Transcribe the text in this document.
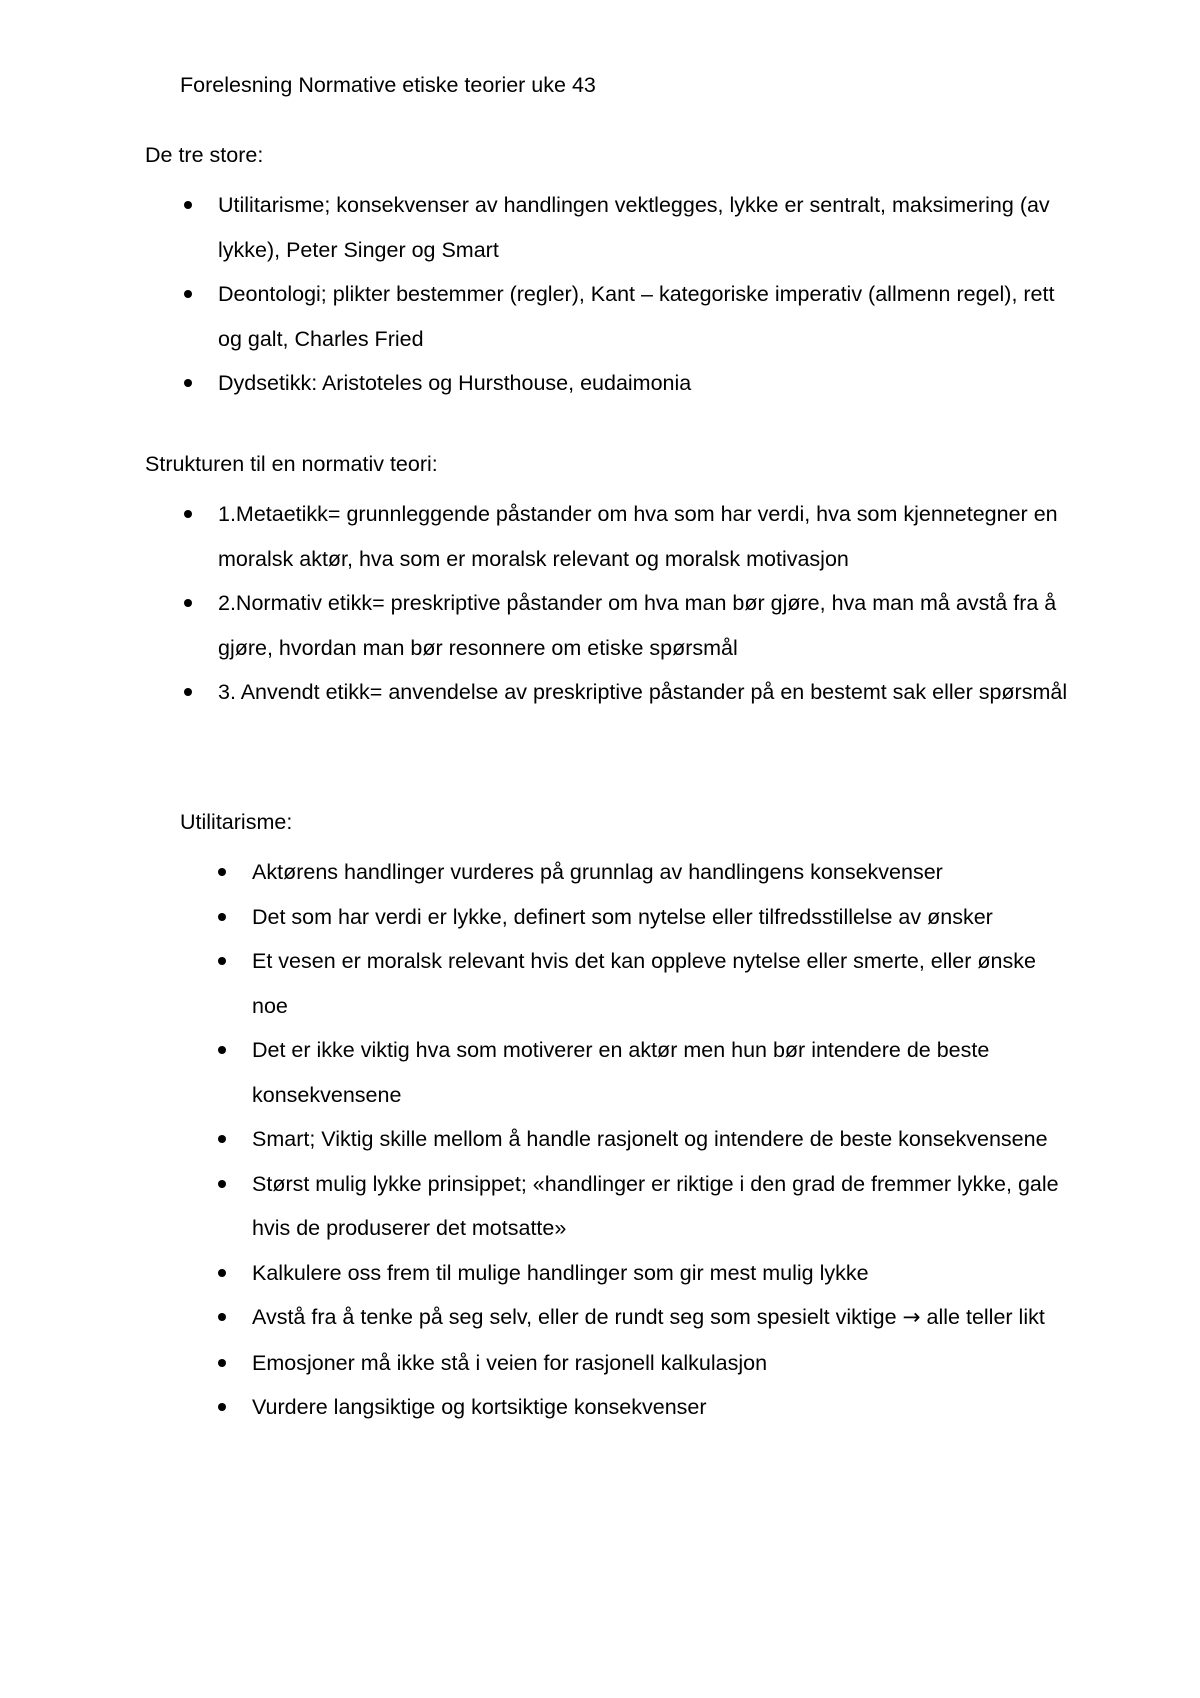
Forelesning Normative etiske teorier uke 43
De tre store:
Utilitarisme; konsekvenser av handlingen vektlegges, lykke er sentralt, maksimering (av lykke), Peter Singer og Smart
Deontologi; plikter bestemmer (regler), Kant – kategoriske imperativ (allmenn regel), rett og galt, Charles Fried
Dydsetikk: Aristoteles og Hursthouse, eudaimonia
Strukturen til en normativ teori:
1.Metaetikk= grunnleggende påstander om hva som har verdi, hva som kjennetegner en moralsk aktør, hva som er moralsk relevant og moralsk motivasjon
2.Normativ etikk= preskriptive påstander om hva man bør gjøre, hva man må avstå fra å gjøre, hvordan man bør resonnere om etiske spørsmål
3. Anvendt etikk= anvendelse av preskriptive påstander på en bestemt sak eller spørsmål
Utilitarisme:
Aktørens handlinger vurderes på grunnlag av handlingens konsekvenser
Det som har verdi er lykke, definert som nytelse eller tilfredsstillelse av ønsker
Et vesen er moralsk relevant hvis det kan oppleve nytelse eller smerte, eller ønske noe
Det er ikke viktig hva som motiverer en aktør men hun bør intendere de beste konsekvensene
Smart; Viktig skille mellom å handle rasjonelt og intendere de beste konsekvensene
Størst mulig lykke prinsippet; «handlinger er riktige i den grad de fremmer lykke, gale hvis de produserer det motsatte»
Kalkulere oss frem til mulige handlinger som gir mest mulig lykke
Avstå fra å tenke på seg selv, eller de rundt seg som spesielt viktige → alle teller likt
Emosjoner må ikke stå i veien for rasjonell kalkulasjon
Vurdere langsiktige og kortsiktige konsekvenser
